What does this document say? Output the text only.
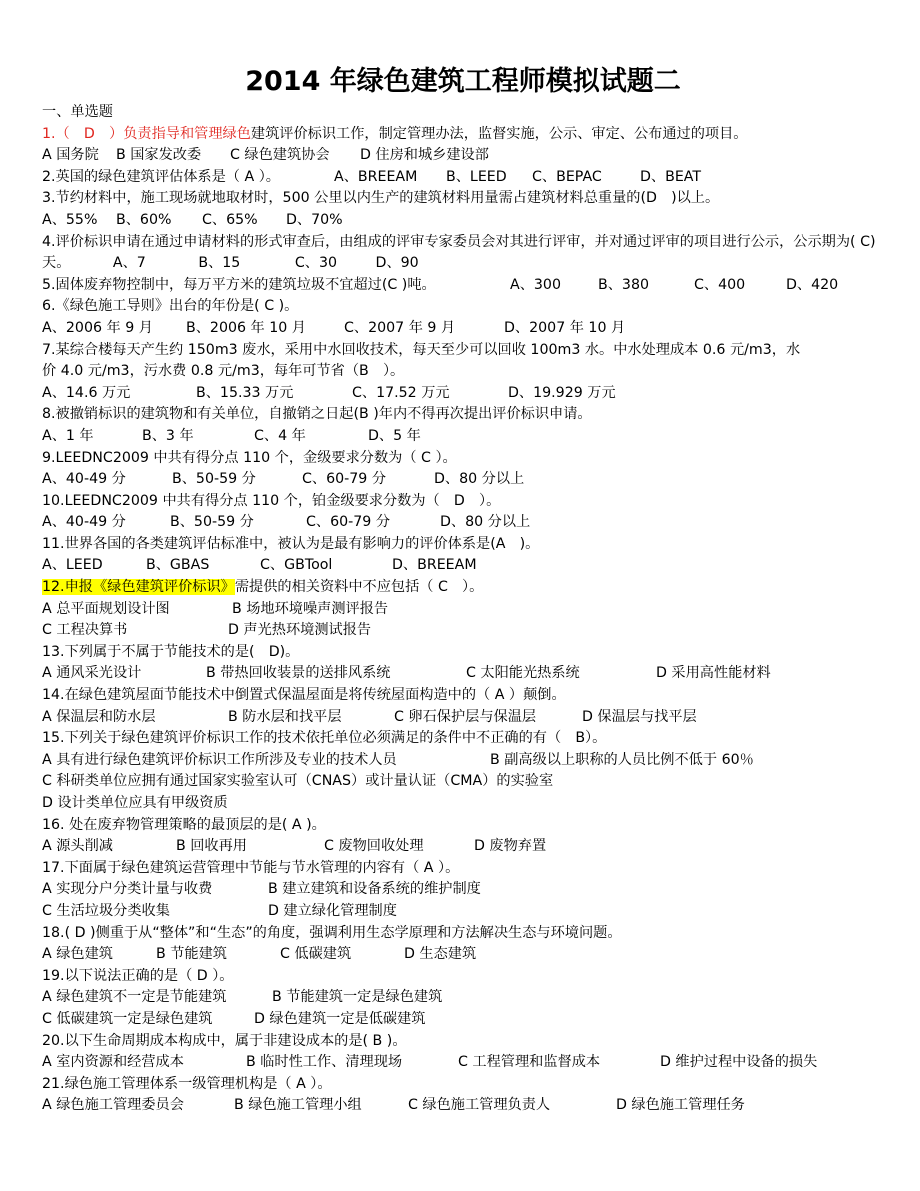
2014 年绿色建筑工程师模拟试题二
一、单选题
1.（　D　）负责指导和管理绿色建筑评价标识工作，制定管理办法，监督实施，公示、审定、公布通过的项目。
A 国务院 B 国家发改委 C 绿色建筑协会 D 住房和城乡建设部
2.英国的绿色建筑评估体系是（ A ）。	A、BREEAM B、LEED C、BEPAC	D、BEAT
3.节约材料中，施工现场就地取材时，500 公里以内生产的建筑材料用量需占建筑材料总重量的(D　)以上。
A、55% B、60% C、65% D、70%
4.评价标识申请在通过申请材料的形式审查后，由组成的评审专家委员会对其进行评审，并对通过评审的项目进行公示，公示期为( C)天。	A、7	B、15	C、30	D、90
5.固体废弃物控制中，每万平方米的建筑垃圾不宜超过(C )吨。	A、300	B、380	C、400	D、420
6.《绿色施工导则》出台的年份是( C )。
A、2006 年 9 月 B、2006 年 10 月	C、2007 年 9 月	D、2007 年 10 月
7.某综合楼每天产生约 150m3 废水，采用中水回收技术，每天至少可以回收 100m3 水。中水处理成本 0.6 元/m3，水
价 4.0 元/m3，污水费 0.8 元/m3，每年可节省（B　）。
A、14.6 万元	B、15.33 万元	C、17.52 万元	D、19.929 万元
8.被撤销标识的建筑物和有关单位，自撤销之日起(B )年内不得再次提出评价标识申请。
A、1 年	B、3 年	C、4 年	D、5 年
9.LEEDNC2009 中共有得分点 110 个，金级要求分数为（ C ）。
A、40-49 分	B、50-59 分	C、60-79 分	D、80 分以上
10.LEEDNC2009 中共有得分点 110 个，铂金级要求分数为（　D　）。
A、40-49 分	B、50-59 分	C、60-79 分	D、80 分以上
11.世界各国的各类建筑评估标准中，被认为是最有影响力的评价体系是(A　)。
A、LEED	B、GBAS	C、GBTool	D、BREEAM
12.申报《绿色建筑评价标识》需提供的相关资料中不应包括（ C　）。
A 总平面规划设计图	B 场地环境噪声测评报告
C 工程决算书	D 声光热环境测试报告
13.下列属于不属于节能技术的是(　D)。
A 通风采光设计	B 带热回收装景的送排风系统	C 太阳能光热系统	D 采用高性能材料
14.在绿色建筑屋面节能技术中倒置式保温屋面是将传统屋面构造中的（ A ）颠倒。
A 保温层和防水层	B 防水层和找平层	C 卵石保护层与保温层	D 保温层与找平层
15.下列关于绿色建筑评价标识工作的技术依托单位必须满足的条件中不正确的有（　B）。
A 具有进行绿色建筑评价标识工作所涉及专业的技术人员	B 副高级以上职称的人员比例不低于 60％
C 科研类单位应拥有通过国家实验室认可（CNAS）或计量认证（CMA）的实验室
D 设计类单位应具有甲级资质
16. 处在废弃物管理策略的最顶层的是( A )。
A 源头削减	B 回收再用	C 废物回收处理	D 废物弃置
17.下面属于绿色建筑运营管理中节能与节水管理的内容有（ A ）。
A 实现分户分类计量与收费	B 建立建筑和设备系统的维护制度
C 生活垃圾分类收集	D 建立绿化管理制度
18.( D )侧重于从“整体”和“生态”的角度，强调利用生态学原理和方法解决生态与环境问题。
A 绿色建筑	B 节能建筑	C 低碳建筑	D 生态建筑
19.以下说法正确的是（ D ）。
A 绿色建筑不一定是节能建筑	B 节能建筑一定是绿色建筑
C 低碳建筑一定是绿色建筑	D 绿色建筑一定是低碳建筑
20.以下生命周期成本构成中，属于非建设成本的是( B )。
A 室内资源和经营成本	B 临时性工作、清理现场	C 工程管理和监督成本	D 维护过程中设备的损失
21.绿色施工管理体系一级管理机构是（ A ）。
A 绿色施工管理委员会	B 绿色施工管理小组	C 绿色施工管理负责人	D 绿色施工管理任务
